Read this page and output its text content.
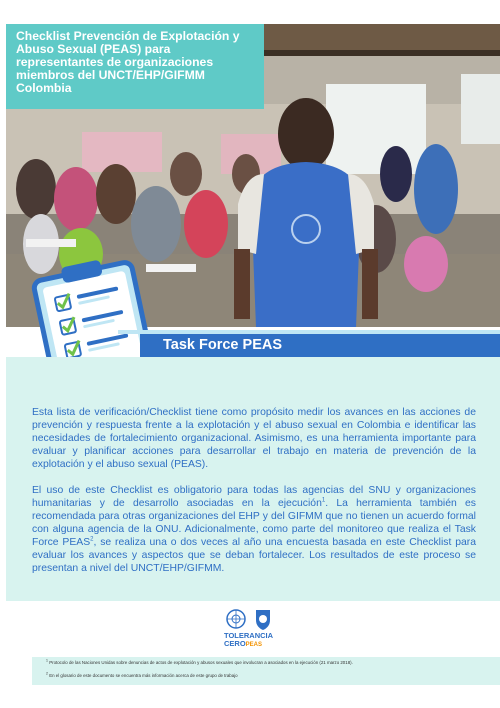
Checklist Prevención de Explotación y Abuso Sexual (PEAS) para representantes de organizaciones miembros del UNCT/EHP/GIFMM Colombia
Task Force PEAS

Esta lista de verificación/Checklist tiene como propósito medir los avances en las acciones de prevención y respuesta frente a la explotación y el abuso sexual en Colombia e identificar las necesidades de fortalecimiento organizacional. Asimismo, es una herramienta importante para evaluar y planificar acciones para desarrollar el trabajo en materia de prevención de la explotación y el abuso sexual (PEAS).

El uso de este Checklist es obligatorio para todas las agencias del SNU y organizaciones humanitarias y de desarrollo asociadas en la ejecución$^1$. La herramienta también es recomendada para otras organizaciones del EHP y del GIFMM que no tienen un acuerdo formal con alguna agencia de la ONU. Adicionalmente, como parte del monitoreo que realiza el Task Force PEAS$^2$, se realiza una o dos veces al año una encuesta basada en este Checklist para evaluar los avances y aspectos que se deban fortalecer. Los resultados de este proceso se presentan a nivel del UNCT/EHP/GIFMM.

TOLERANCIA
CEROPEAS

$^1$ Protocolo de las Naciones Unidas sobre denuncias de actos de explotación y abusos sexuales que involucran a asociados en la ejecución (21 marzo 2018).

$^2$ En el glosario de este documento se encuentra más información acerca de este grupo de trabajo
